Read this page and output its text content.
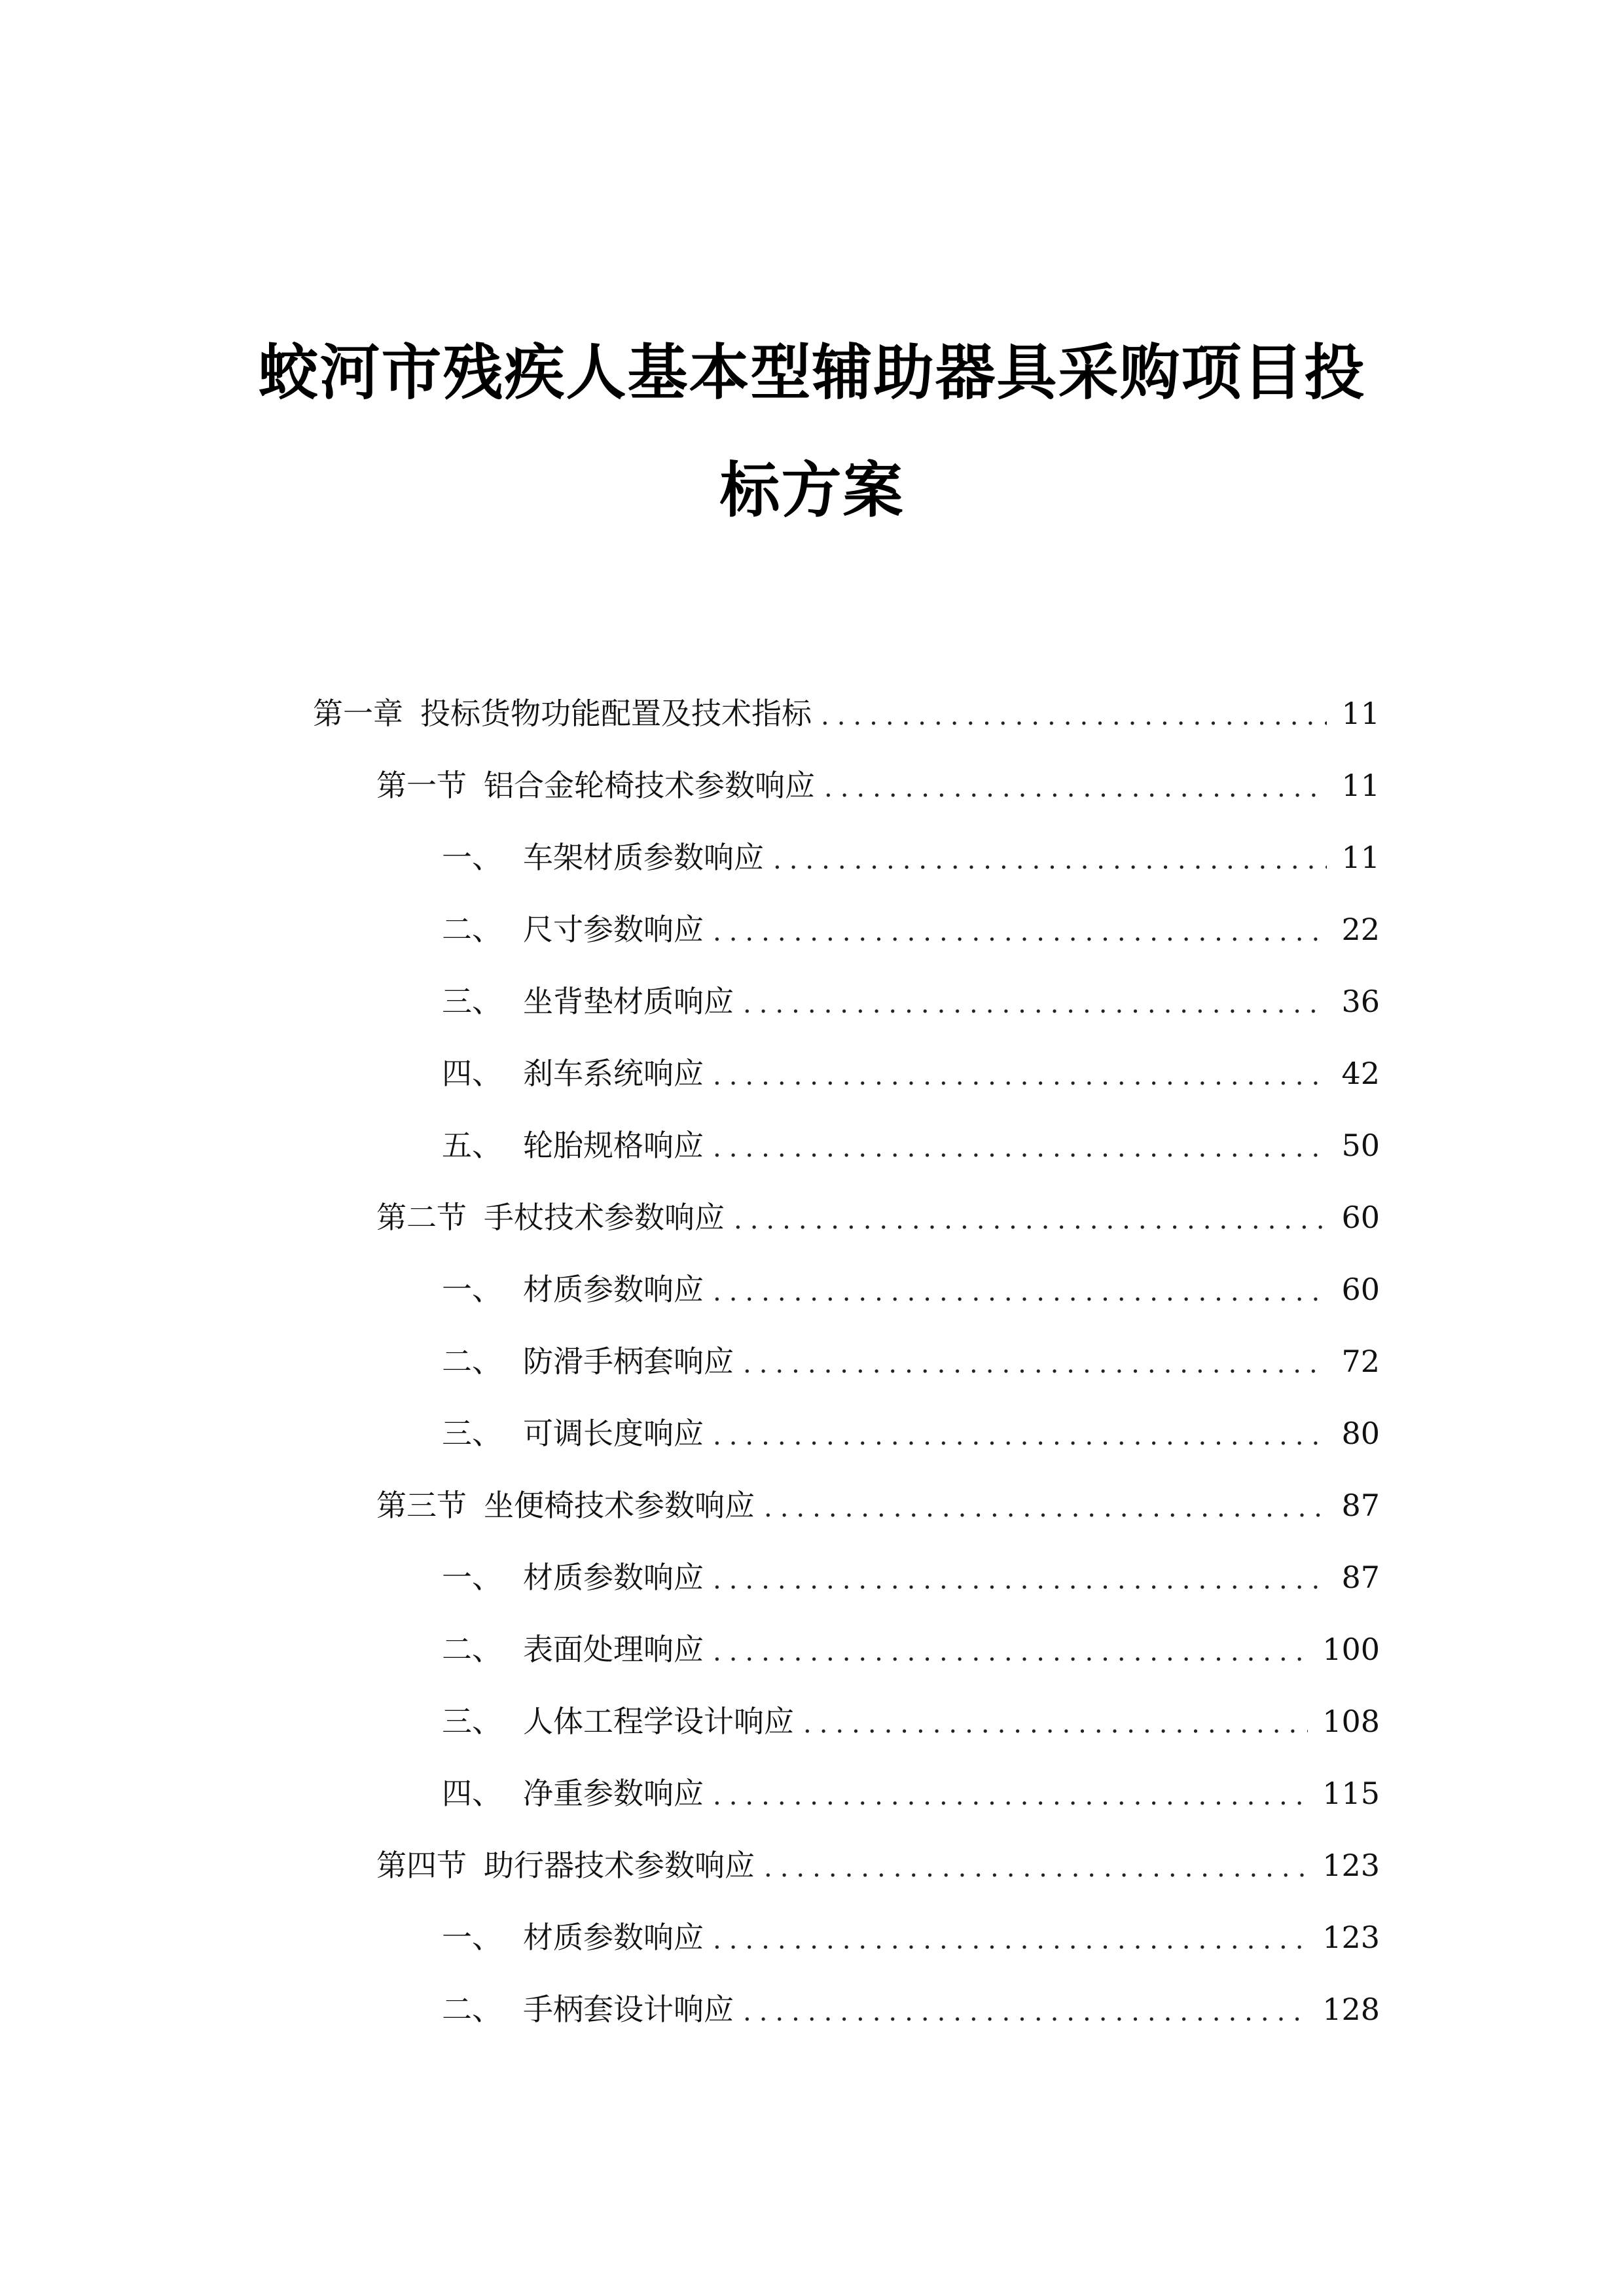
蛟河市残疾人基本型辅助器具采购项目投
标方案
第一章 投标货物功能配置及技术指标 .....	11
第一节 铝合金轮椅技术参数响应 .....	11
一、 车架材质参数响应 .....	11
二、 尺寸参数响应 .....	22
三、 坐背垫材质响应 .....	36
四、 刹车系统响应 .....	42
五、 轮胎规格响应 .....	50
第二节 手杖技术参数响应 .....	60
一、 材质参数响应 .....	60
二、 防滑手柄套响应 .....	72
三、 可调长度响应 .....	80
第三节 坐便椅技术参数响应 .....	87
一、 材质参数响应 .....	87
二、 表面处理响应 .....	100
三、 人体工程学设计响应 .....	108
四、 净重参数响应 .....	115
第四节 助行器技术参数响应 .....	123
一、 材质参数响应 .....	123
二、 手柄套设计响应 .....	128
